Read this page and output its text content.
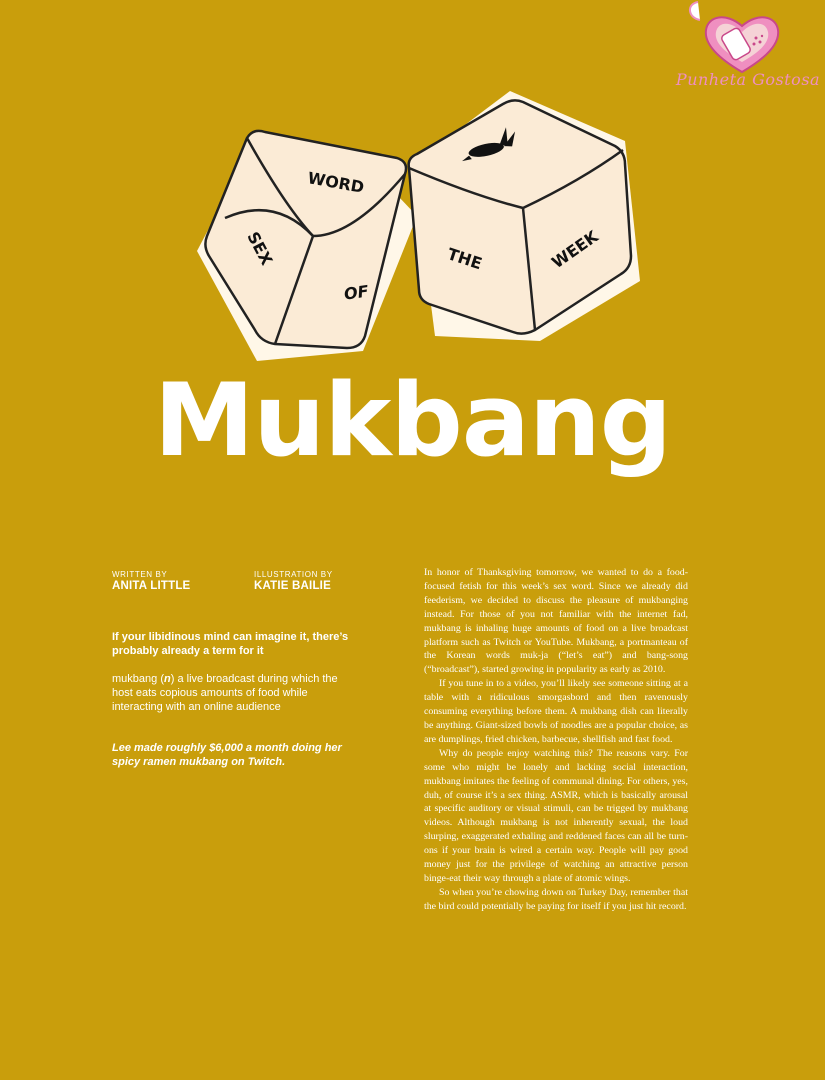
Punheta Gostosa
WORD
SEX
OF
THE	WEEK
Mukbang
WRITTEN BY
ANITA LITTLE
ILLUSTRATION BY
KATIE BAILIE
If your libidinous mind can imagine it, there’s probably already a term for it
mukbang (n) a live broadcast during which the host eats copious amounts of food while interacting with an online audience
Lee made roughly $6,000 a month doing her spicy ramen mukbang on Twitch.

In honor of Thanksgiving tomorrow, we wanted to do a food-focused fetish for this week’s sex word. Since we already did feederism, we decided to discuss the pleasure of mukbanging instead. For those of you not familiar with the internet fad, mukbang is inhaling huge amounts of food on a live broadcast platform such as Twitch or YouTube. Mukbang, a portmanteau of the Korean words muk-ja (“let’s eat”) and bang-song (“broadcast”), started growing in popularity as early as 2010.

If you tune in to a video, you’ll likely see someone sitting at a table with a ridiculous smorgasbord and then ravenously consuming everything before them. A mukbang dish can literally be anything. Giant-sized bowls of noodles are a popular choice, as are dumplings, fried chicken, barbecue, shellfish and fast food.

Why do people enjoy watching this? The reasons vary. For some who might be lonely and lacking social interaction, mukbang imitates the feeling of communal dining. For others, yes, duh, of course it’s a sex thing. ASMR, which is basically arousal at specific auditory or visual stimuli, can be trigged by mukbang videos. Although mukbang is not inherently sexual, the loud slurping, exaggerated exhaling and reddened faces can all be turn-ons if your brain is wired a certain way. People will pay good money just for the privilege of watching an attractive person binge-eat their way through a plate of atomic wings.

So when you’re chowing down on Turkey Day, remember that the bird could potentially be paying for itself if you just hit record.
